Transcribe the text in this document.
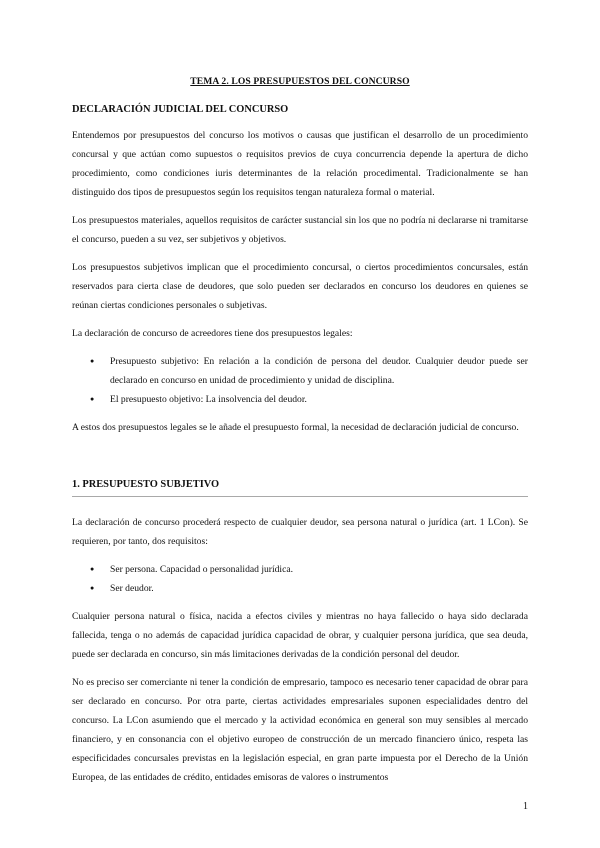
TEMA 2. LOS PRESUPUESTOS DEL CONCURSO
DECLARACIÓN JUDICIAL DEL CONCURSO

Entendemos por presupuestos del concurso los motivos o causas que justifican el desarrollo de un procedimiento concursal y que actúan como supuestos o requisitos previos de cuya concurrencia depende la apertura de dicho procedimiento, como condiciones iuris determinantes de la relación procedimental. Tradicionalmente se han distinguido dos tipos de presupuestos según los requisitos tengan naturaleza formal o material.

Los presupuestos materiales, aquellos requisitos de carácter sustancial sin los que no podría ni declararse ni tramitarse el concurso, pueden a su vez, ser subjetivos y objetivos.

Los presupuestos subjetivos implican que el procedimiento concursal, o ciertos procedimientos concursales, están reservados para cierta clase de deudores, que solo pueden ser declarados en concurso los deudores en quienes se reúnan ciertas condiciones personales o subjetivas.

La declaración de concurso de acreedores tiene dos presupuestos legales:

● Presupuesto subjetivo: En relación a la condición de persona del deudor. Cualquier deudor puede ser declarado en concurso en unidad de procedimiento y unidad de disciplina.
● El presupuesto objetivo: La insolvencia del deudor.

A estos dos presupuestos legales se le añade el presupuesto formal, la necesidad de declaración judicial de concurso.

1. PRESUPUESTO SUBJETIVO

La declaración de concurso procederá respecto de cualquier deudor, sea persona natural o jurídica (art. 1 LCon). Se requieren, por tanto, dos requisitos:

● Ser persona. Capacidad o personalidad jurídica.
● Ser deudor.

Cualquier persona natural o física, nacida a efectos civiles y mientras no haya fallecido o haya sido declarada fallecida, tenga o no además de capacidad jurídica capacidad de obrar, y cualquier persona jurídica, que sea deuda, puede ser declarada en concurso, sin más limitaciones derivadas de la condición personal del deudor.

No es preciso ser comerciante ni tener la condición de empresario, tampoco es necesario tener capacidad de obrar para ser declarado en concurso. Por otra parte, ciertas actividades empresariales suponen especialidades dentro del concurso. La LCon asumiendo que el mercado y la actividad económica en general son muy sensibles al mercado financiero, y en consonancia con el objetivo europeo de construcción de un mercado financiero único, respeta las especificidades concursales previstas en la legislación especial, en gran parte impuesta por el Derecho de la Unión Europea, de las entidades de crédito, entidades emisoras de valores o instrumentos

1
